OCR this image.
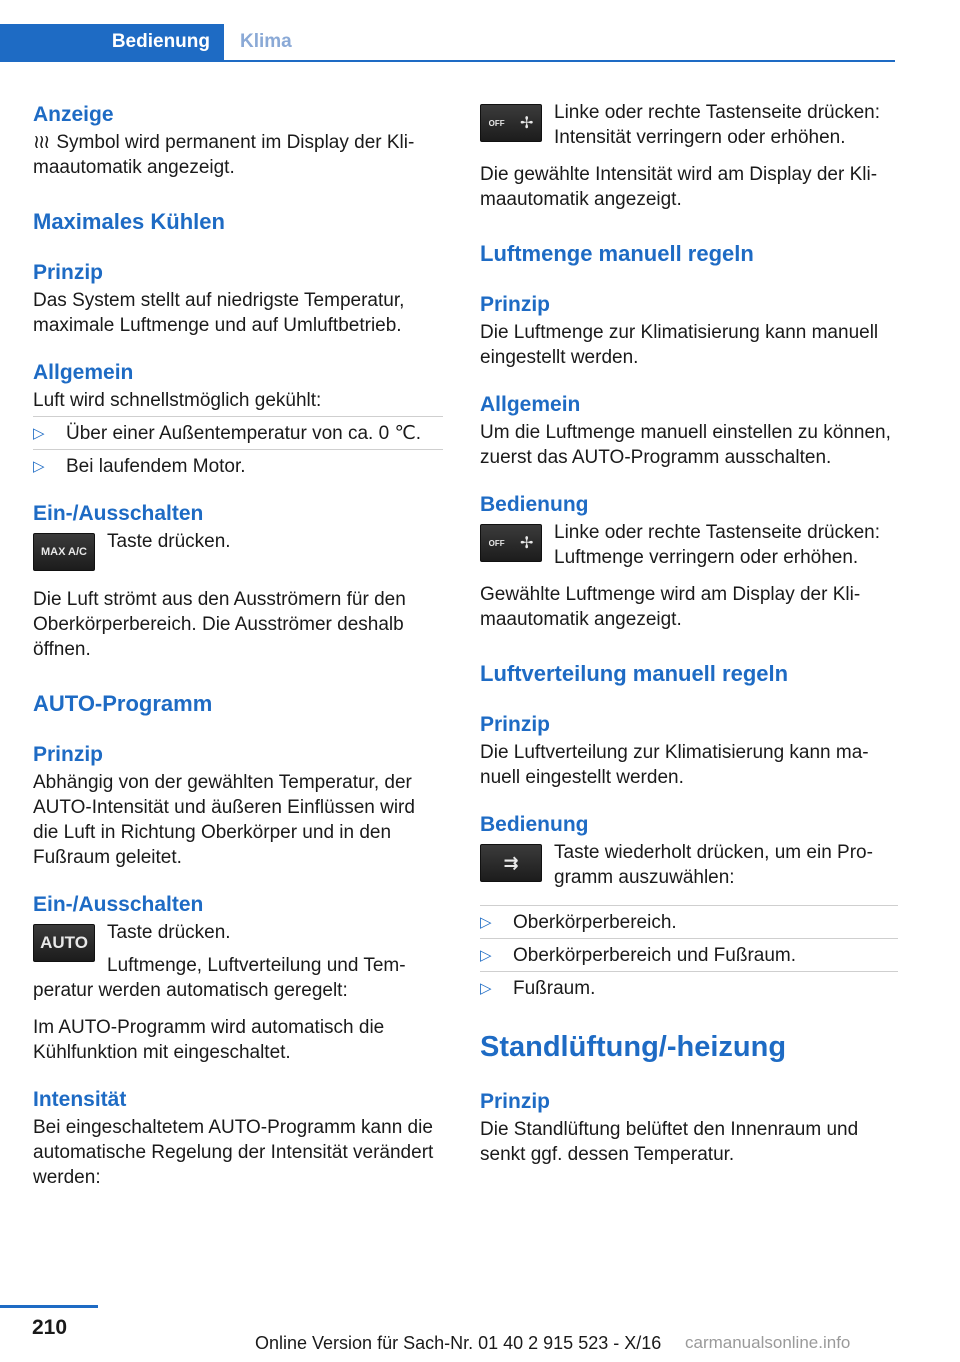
Bedienung	Klima

Anzeige

≀≀≀ Symbol wird permanent im Display der Klimaautomatik angezeigt.

Maximales Kühlen

Prinzip

Das System stellt auf niedrigste Temperatur, maximale Luftmenge und auf Umluftbetrieb.

Allgemein

Luft wird schnellstmöglich gekühlt:

▷	Über einer Außentemperatur von ca. 0 ℃.
▷	Bei laufendem Motor.

Ein-/Ausschalten

MAX A/C	Taste drücken.

Die Luft strömt aus den Ausströmern für den Oberkörperbereich. Die Ausströmer deshalb öffnen.

AUTO-Programm

Prinzip

Abhängig von der gewählten Temperatur, der AUTO-Intensität und äußeren Einflüssen wird die Luft in Richtung Oberkörper und in den Fußraum geleitet.

Ein-/Ausschalten

AUTO	Taste drücken.

Luftmenge, Luftverteilung und Temperatur werden automatisch geregelt:

Im AUTO-Programm wird automatisch die Kühlfunktion mit eingeschaltet.

Intensität

Bei eingeschaltetem AUTO-Programm kann die automatische Regelung der Intensität verändert werden:

OFF ✢

Linke oder rechte Tastenseite drücken: Intensität verringern oder erhöhen.

Die gewählte Intensität wird am Display der Klimaautomatik angezeigt.

Luftmenge manuell regeln

Prinzip

Die Luftmenge zur Klimatisierung kann manuell eingestellt werden.

Allgemein

Um die Luftmenge manuell einstellen zu können, zuerst das AUTO-Programm ausschalten.

Bedienung

OFF ✢

Linke oder rechte Tastenseite drücken: Luftmenge verringern oder erhöhen.

Gewählte Luftmenge wird am Display der Klimaautomatik angezeigt.

Luftverteilung manuell regeln

Prinzip

Die Luftverteilung zur Klimatisierung kann manuell eingestellt werden.

Bedienung

⇉	Taste wiederholt drücken, um ein Programm auszuwählen:

▷	Oberkörperbereich.
▷	Oberkörperbereich und Fußraum.
▷	Fußraum.

Standlüftung/-heizung

Prinzip

Die Standlüftung belüftet den Innenraum und senkt ggf. dessen Temperatur.

210
Online Version für Sach-Nr. 01 40 2 915 523 - X/16 carmanualsonline.info
